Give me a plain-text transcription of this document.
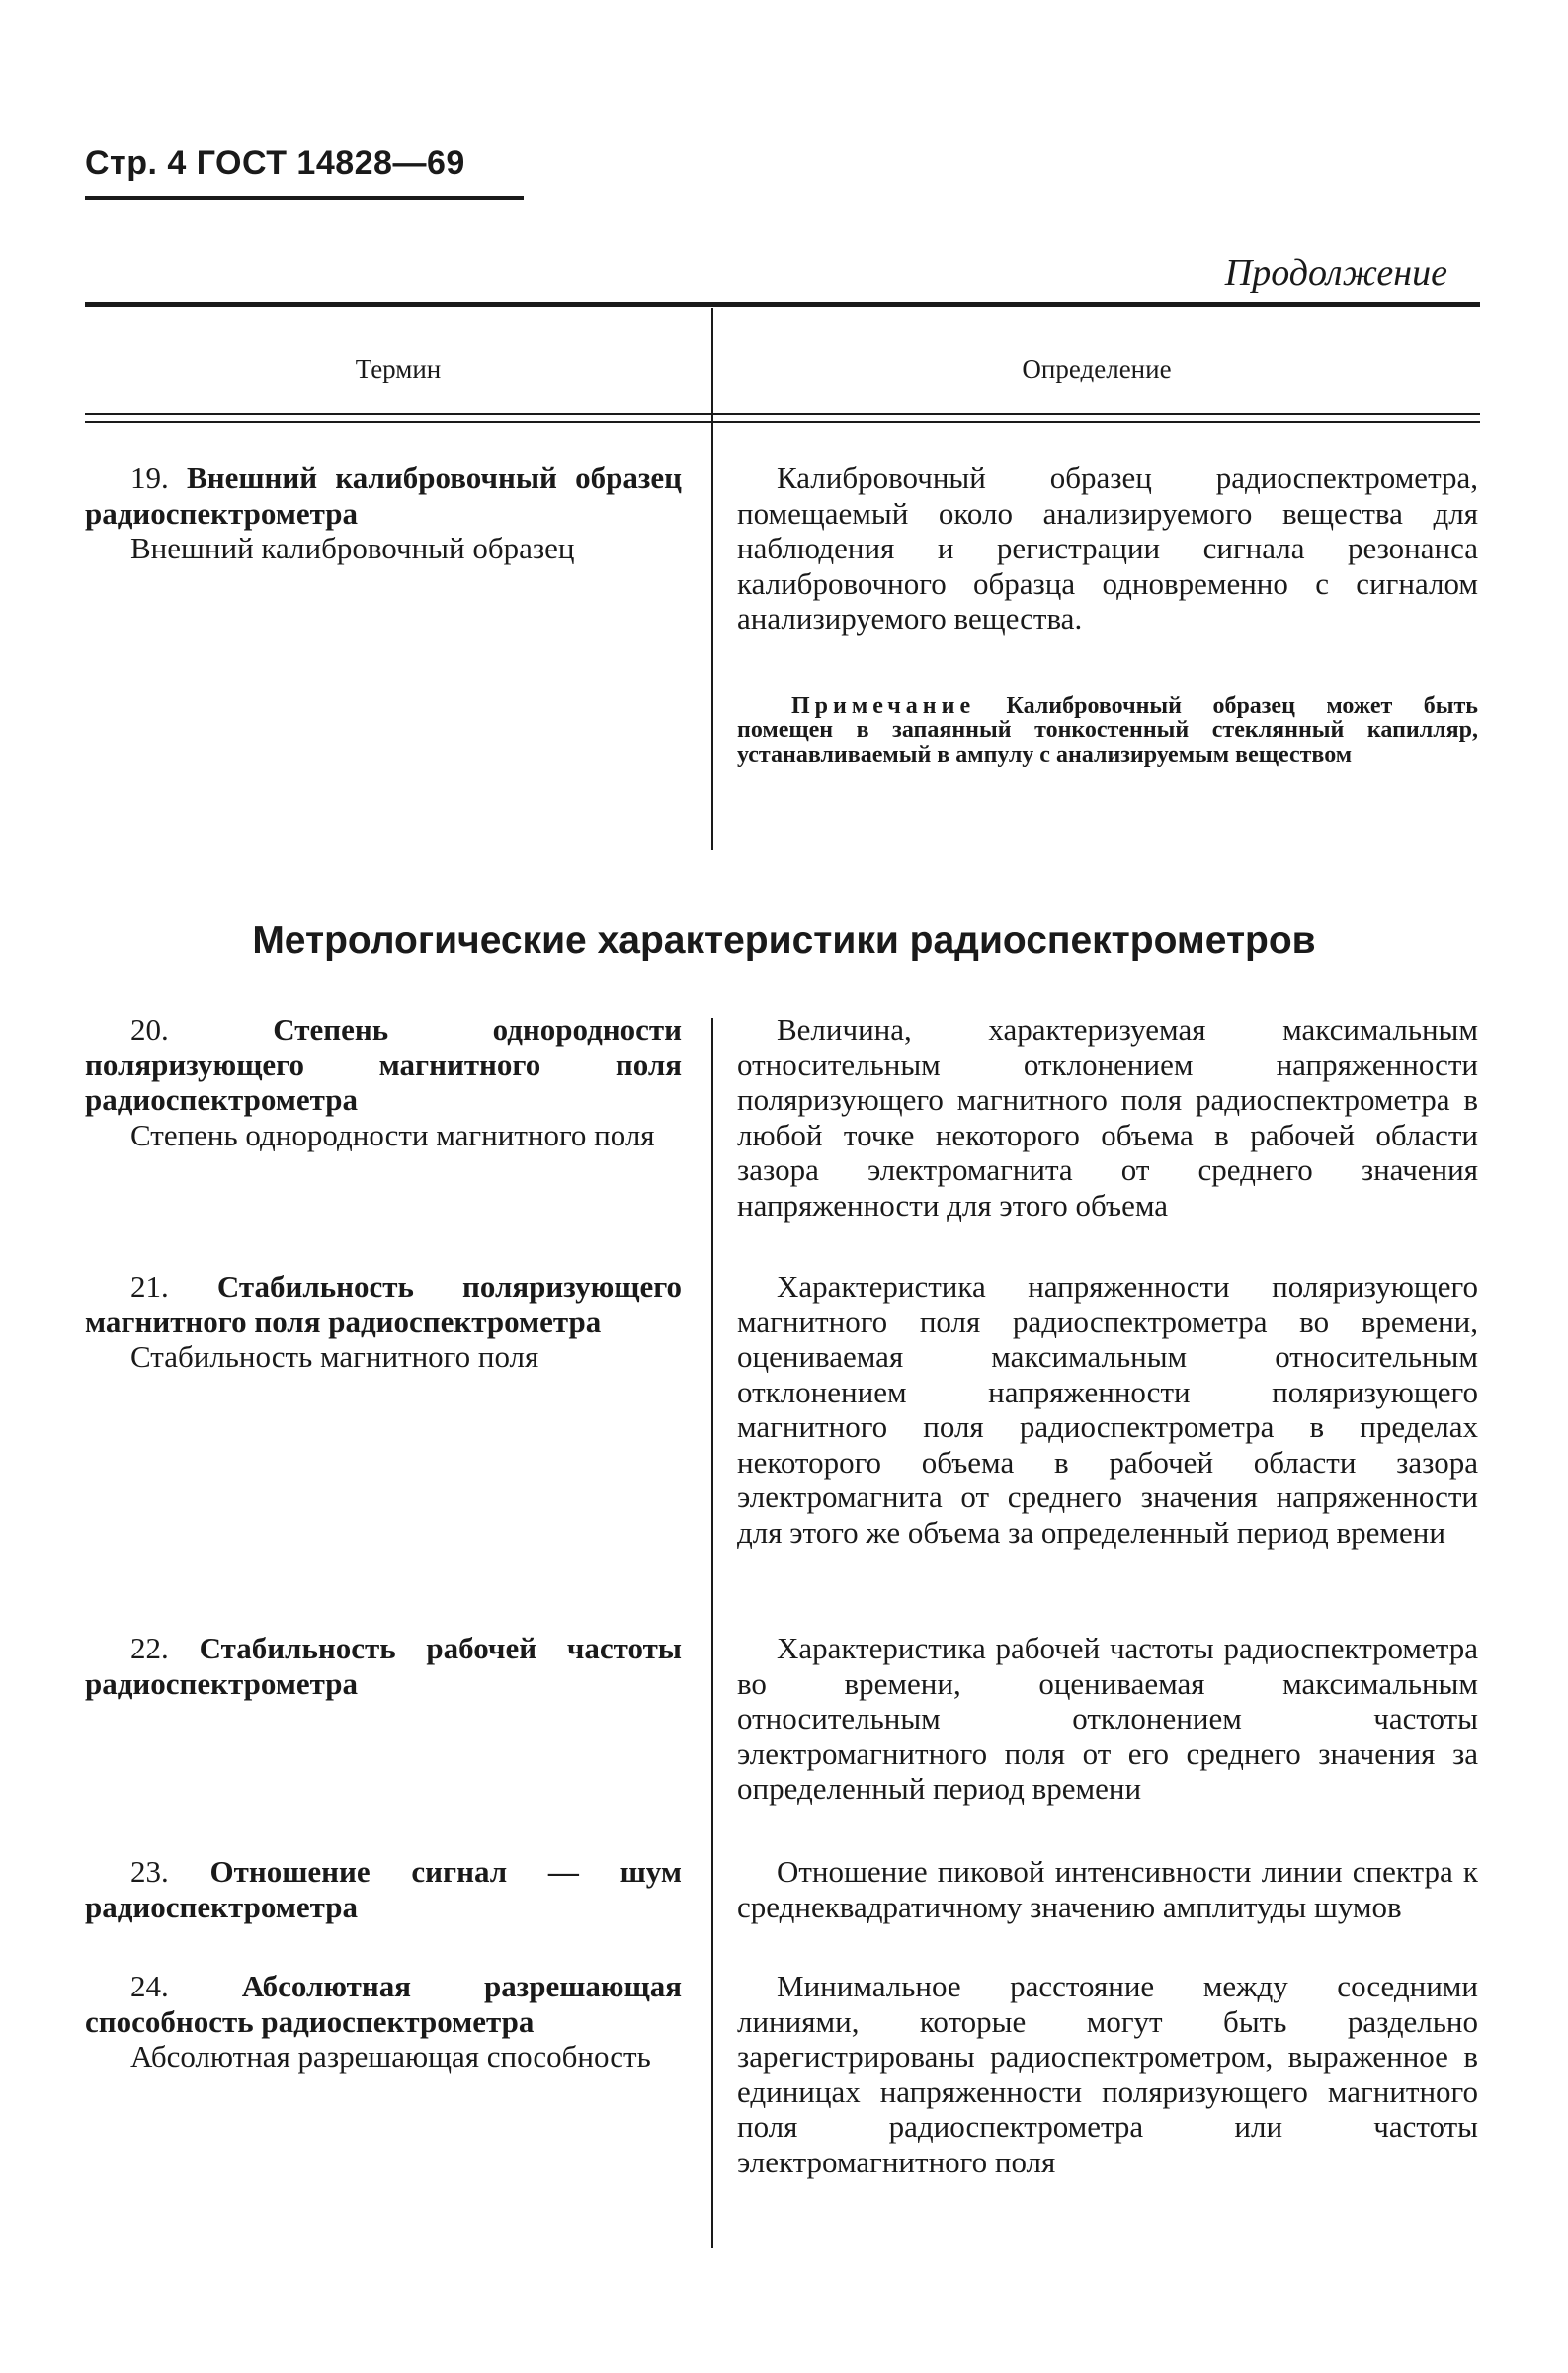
Стр. 4 ГОСТ 14828—69
Продолжение
Термин	Определение

19. Внешний калибровочный образец радиоспектрометра

Внешний калибровочный образец

Калибровочный образец радиоспектрометра, помещаемый около анализируемого вещества для наблюдения и регистрации сигнала резонанса калибровочного образца одновременно с сигналом анализируемого вещества.
Примечание Калибровочный образец может быть помещен в запаянный тонкостенный стеклянный капилляр, устанавливаемый в ампулу с анализируемым веществом
Метрологические характеристики радиоспектрометров

20.	Степень однородности поляризующего магнитного поля радиоспектрометра

Степень однородности магнитного поля

Величина, характеризуемая максимальным относительным отклонением напряженности поляризующего магнитного поля радиоспектрометра в любой точке некоторого объема в рабочей области зазора электромагнита от среднего значения напряженности для этого объема

21. Стабильность поляризующего магнитного поля радиоспектрометра

Стабильность магнитного поля

Характеристика напряженности поляризующего магнитного поля радиоспектрометра во времени, оцениваемая максимальным относительным отклонением напряженности поляризующего магнитного поля радиоспектрометра в пределах некоторого объема в рабочей области зазора электромагнита от среднего значения напряженности для этого же объема за определенный период времени

22. Стабильность рабочей частоты радиоспектрометра

Характеристика рабочей частоты радиоспектрометра во времени, оцениваемая максимальным относительным отклонением частоты электромагнитного поля от его среднего значения за определенный период времени

23. Отношение сигнал — шум радиоспектрометра

Отношение пиковой интенсивности линии спектра к среднеквадратичному значению амплитуды шумов

24. Абсолютная разрешающая способность радиоспектрометра

Абсолютная разрешающая способность

Минимальное расстояние между соседними линиями, которые могут быть раздельно зарегистрированы радиоспектрометром, выраженное в единицах напряженности поляризующего магнитного поля радиоспектрометра или частоты электромагнитного поля
